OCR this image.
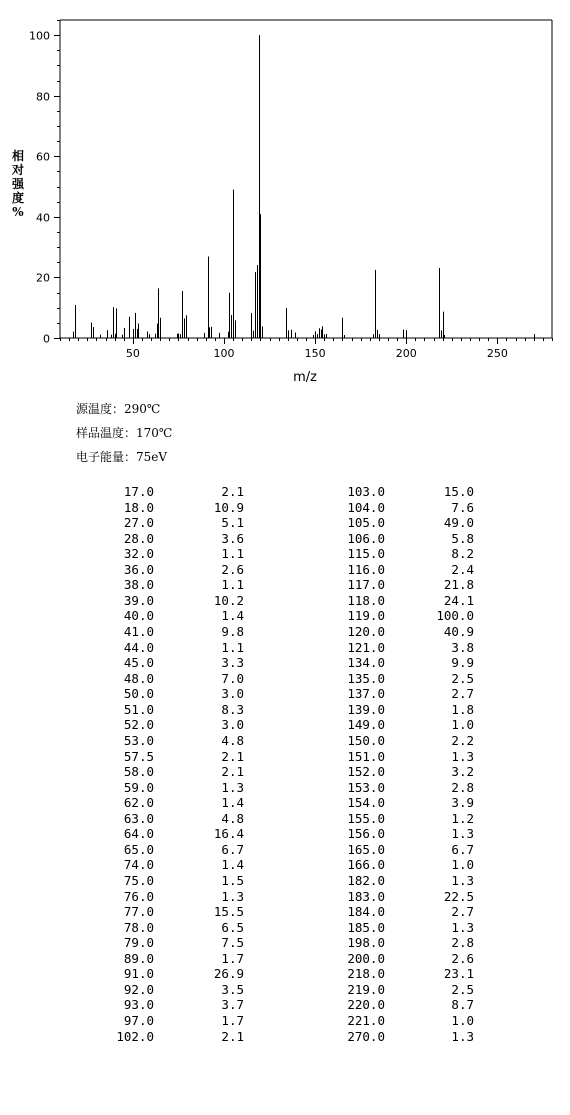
0
20
40
60
80
100
50	100	150	200	250
相对强度%
m/z
源温度：290℃
样品温度：170℃
电子能量：75eV
17.0	2.1	103.0	15.0
18.0	10.9	104.0	7.6
27.0	5.1	105.0	49.0
28.0	3.6	106.0	5.8
32.0	1.1	115.0	8.2
36.0	2.6	116.0	2.4
38.0	1.1	117.0	21.8
39.0	10.2	118.0	24.1
40.0	1.4	119.0	100.0
41.0	9.8	120.0	40.9
44.0	1.1	121.0	3.8
45.0	3.3	134.0	9.9
48.0	7.0	135.0	2.5
50.0	3.0	137.0	2.7
51.0	8.3	139.0	1.8
52.0	3.0	149.0	1.0
53.0	4.8	150.0	2.2
57.5	2.1	151.0	1.3
58.0	2.1	152.0	3.2
59.0	1.3	153.0	2.8
62.0	1.4	154.0	3.9
63.0	4.8	155.0	1.2
64.0	16.4	156.0	1.3
65.0	6.7	165.0	6.7
74.0	1.4	166.0	1.0
75.0	1.5	182.0	1.3
76.0	1.3	183.0	22.5
77.0	15.5	184.0	2.7
78.0	6.5	185.0	1.3
79.0	7.5	198.0	2.8
89.0	1.7	200.0	2.6
91.0	26.9	218.0	23.1
92.0	3.5	219.0	2.5
93.0	3.7	220.0	8.7
97.0	1.7	221.0	1.0
102.0	2.1	270.0	1.3
